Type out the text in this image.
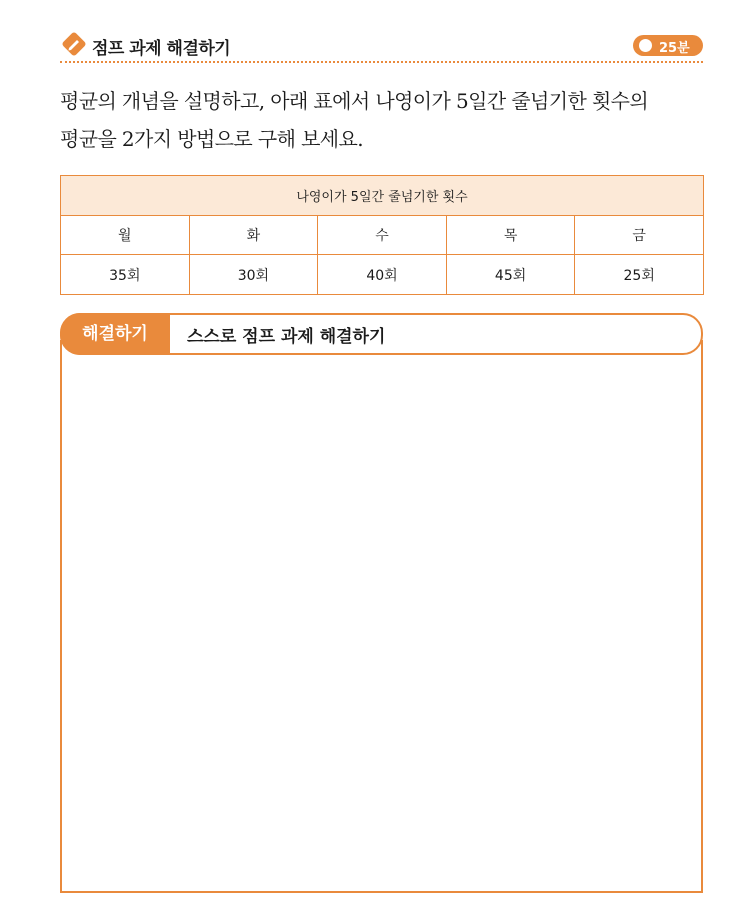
점프 과제 해결하기	25분
평균의 개념을 설명하고, 아래 표에서 나영이가 5일간 줄넘기한 횟수의
평균을 2가지 방법으로 구해 보세요.
나영이가 5일간 줄넘기한 횟수				
월	화	수	목	금
35회	30회	40회	45회	25회
해결하기	스스로 점프 과제 해결하기
